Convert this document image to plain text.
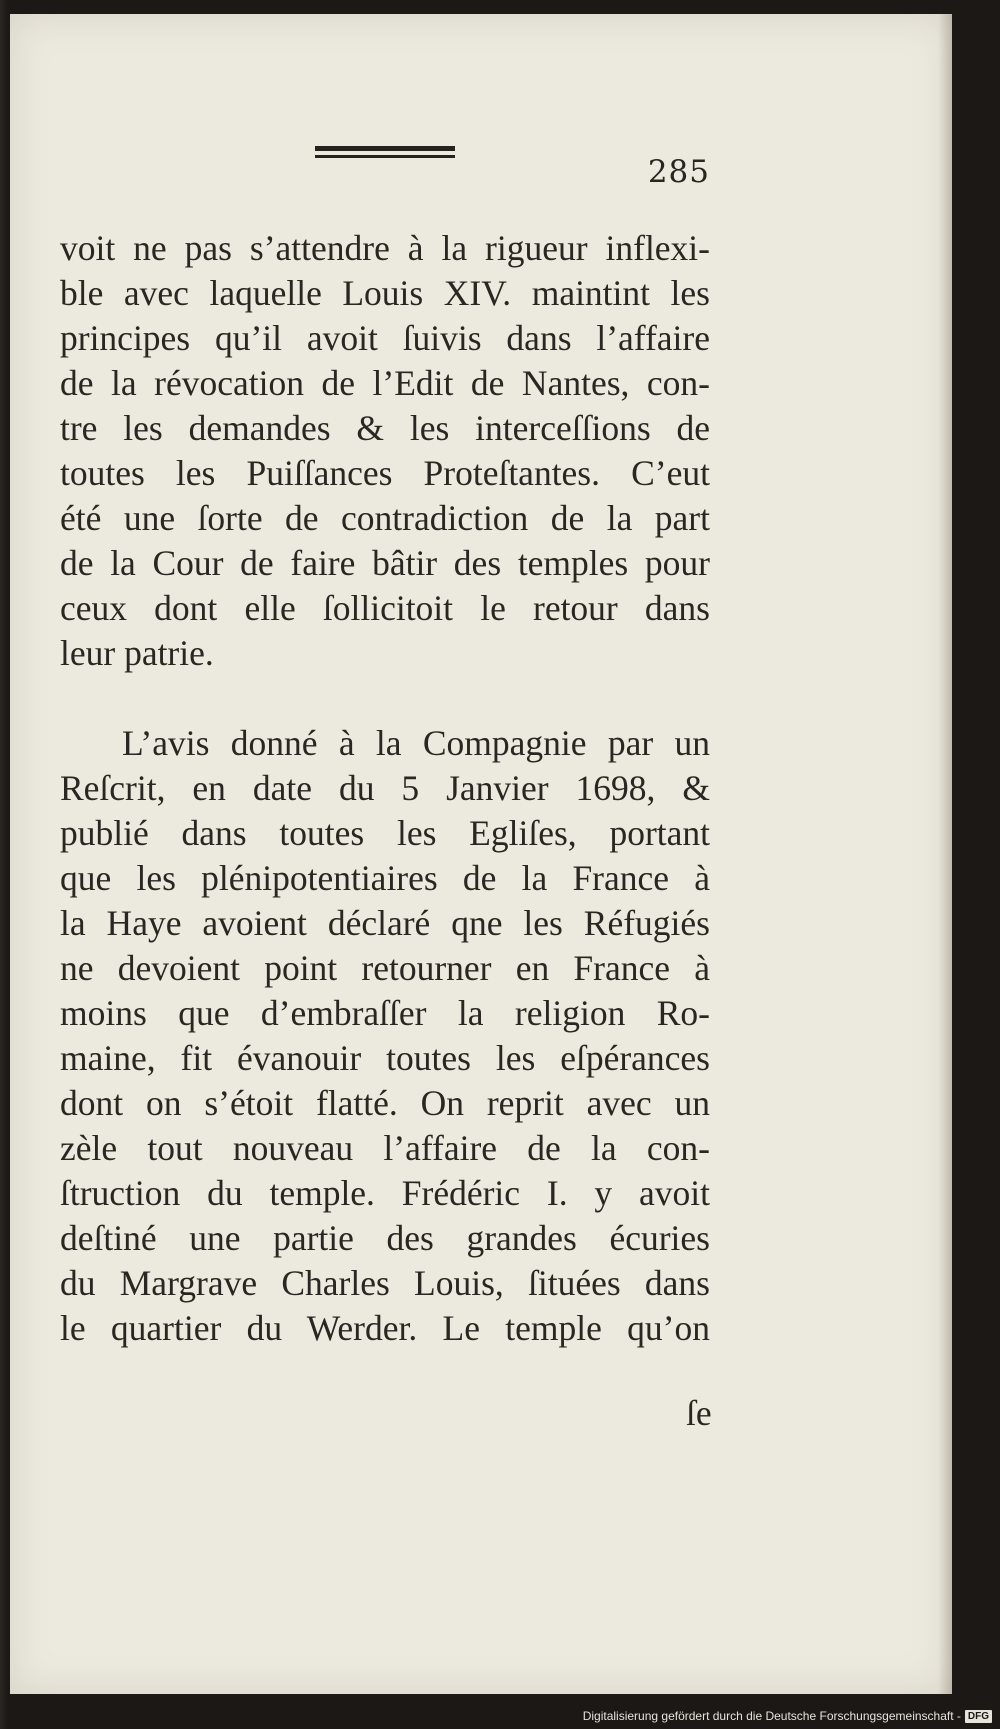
285
voit ne pas s’attendre à la rigueur inflexi-
ble avec laquelle Louis XIV. maintint les
principes qu’il avoit ſuivis dans l’affaire
de la révocation de l’Edit de Nantes, con-
tre les demandes & les interceſſions de
toutes les Puiſſances Proteſtantes. C’eut
été une ſorte de contradiction de la part
de la Cour de faire bâtir des temples pour
ceux dont elle ſollicitoit le retour dans
leur patrie.
L’avis donné à la Compagnie par un
Reſcrit, en date du 5 Janvier 1698, &
publié dans toutes les Egliſes, portant
que les plénipotentiaires de la France à
la Haye avoient déclaré qne les Réfugiés
ne devoient point retourner en France à
moins que d’embraſſer la religion Ro-
maine, fit évanouir toutes les eſpérances
dont on s’étoit flatté. On reprit avec un
zèle tout nouveau l’affaire de la con-
ſtruction du temple. Frédéric I. y avoit
deſtiné une partie des grandes écuries
du Margrave Charles Louis, ſituées dans
le quartier du Werder. Le temple qu’on
ſe
Digitalisierung gefördert durch die Deutsche Forschungsgemeinschaft - DFG
